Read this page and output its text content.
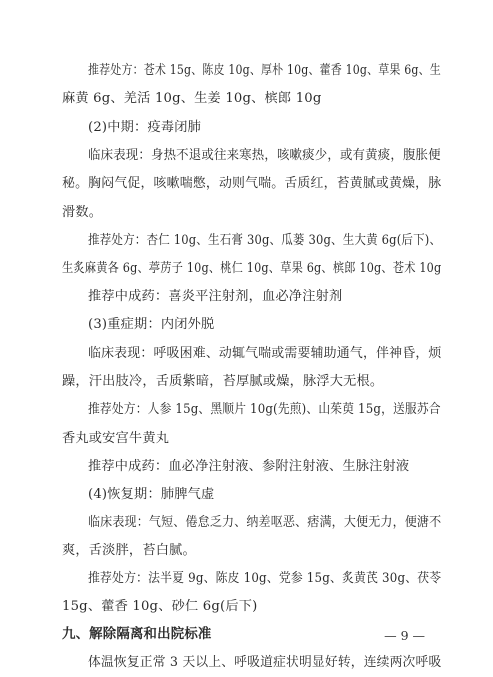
推荐处方：苍术 15g、陈皮 10g、厚朴 10g、藿香 10g、草果 6g、生
麻黄 6g、羌活 10g、生姜 10g、槟郎 10g
(2)中期：疫毒闭肺
临床表现：身热不退或往来寒热，咳嗽痰少，或有黄痰，腹胀便
秘。胸闷气促，咳嗽喘憋，动则气喘。舌质红，苔黄腻或黄燥，脉
滑数。
推荐处方：杏仁 10g、生石膏 30g、瓜蒌 30g、生大黄 6g(后下)、
生炙麻黄各 6g、葶苈子 10g、桃仁 10g、草果 6g、槟郎 10g、苍术 10g
推荐中成药：喜炎平注射剂，血必净注射剂
(3)重症期：内闭外脱
临床表现：呼吸困难、动辄气喘或需要辅助通气，伴神昏，烦
躁，汗出肢冷，舌质紫暗，苔厚腻或燥，脉浮大无根。
推荐处方：人参 15g、黑顺片 10g(先煎)、山茱萸 15g，送服苏合
香丸或安宫牛黄丸
推荐中成药：血必净注射液、参附注射液、生脉注射液
(4)恢复期：肺脾气虚
临床表现：气短、倦怠乏力、纳差呕恶、痞满，大便无力，便溏不
爽，舌淡胖，苔白腻。
推荐处方：法半夏 9g、陈皮 10g、党参 15g、炙黄芪 30g、茯苓
15g、藿香 10g、砂仁 6g(后下)
九、解除隔离和出院标准
体温恢复正常 3 天以上、呼吸道症状明显好转，连续两次呼吸
— 9 —
